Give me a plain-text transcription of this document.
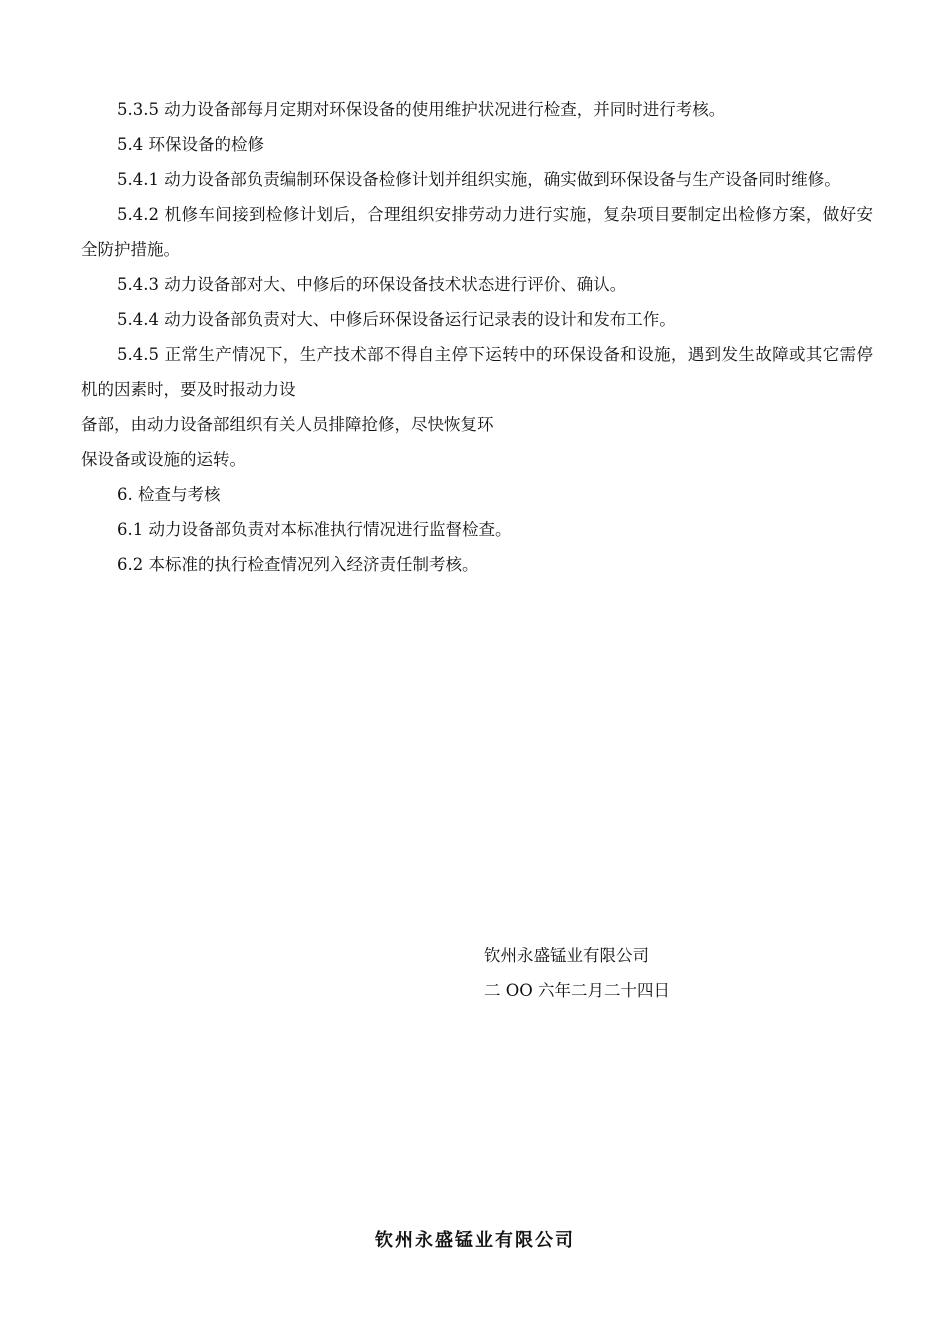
5.3.5 动力设备部每月定期对环保设备的使用维护状况进行检查，并同时进行考核。

5.4 环保设备的检修

5.4.1 动力设备部负责编制环保设备检修计划并组织实施，确实做到环保设备与生产设备同时维修。

5.4.2 机修车间接到检修计划后，合理组织安排劳动力进行实施，复杂项目要制定出检修方案，做好安全防护措施。

5.4.3 动力设备部对大、中修后的环保设备技术状态进行评价、确认。

5.4.4 动力设备部负责对大、中修后环保设备运行记录表的设计和发布工作。

5.4.5 正常生产情况下，生产技术部不得自主停下运转中的环保设备和设施，遇到发生故障或其它需停机的因素时，要及时报动力设

备部，由动力设备部组织有关人员排障抢修，尽快恢复环

保设备或设施的运转。

6. 检查与考核

6.1 动力设备部负责对本标准执行情况进行监督检查。

6.2 本标准的执行检查情况列入经济责任制考核。

钦州永盛锰业有限公司
二 OO 六年二月二十四日
钦州永盛锰业有限公司
